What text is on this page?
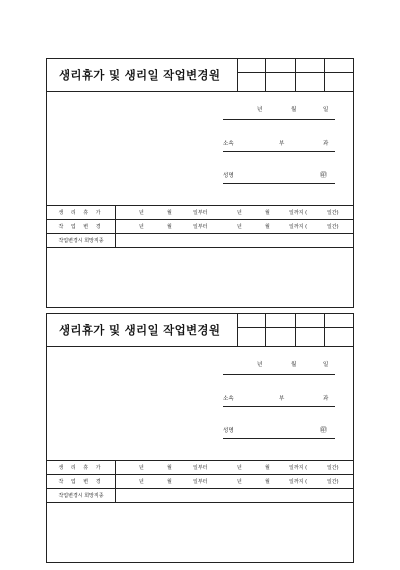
생리휴가 및 생리일 작업변경원
년	월	일
소속	부	과
성명	㊞
생 리 휴 가	년	월	일부터	년	월	일까지 (	일간)
작 업 변 경	년	월	일부터	년	월	일까지 (	일간)
작업변경시 희망직종
생리휴가 및 생리일 작업변경원
년	월	일
소속	부	과
성명	㊞
생 리 휴 가	년	월	일부터	년	월	일까지 (	일간)
작 업 변 경	년	월	일부터	년	월	일까지 (	일간)
작업변경시 희망직종
